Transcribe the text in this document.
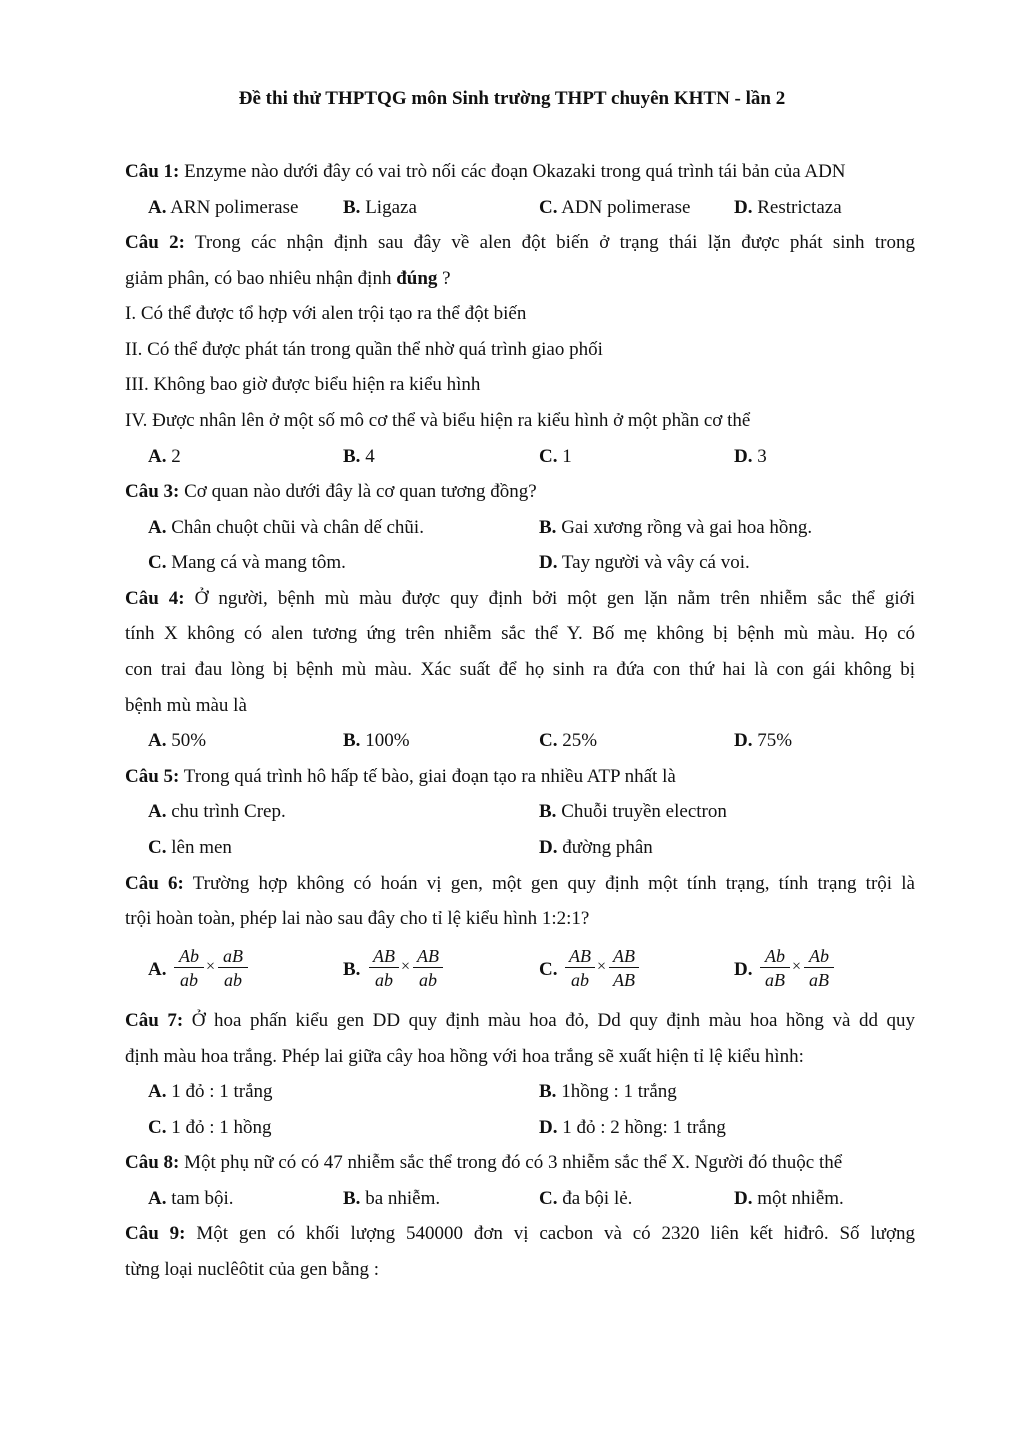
Đề thi thử THPTQG môn Sinh trường THPT chuyên KHTN - lần 2
Câu 1: Enzyme nào dưới đây có vai trò nối các đoạn Okazaki trong quá trình tái bản của ADN
A. ARN polimerase B. Ligaza	C. ADN polimerase D. Restrictaza
Câu 2: Trong các nhận định sau đây về alen đột biến ở trạng thái lặn được phát sinh trong
giảm phân, có bao nhiêu nhận định đúng ?
I. Có thể được tổ hợp với alen trội tạo ra thể đột biến
II. Có thể được phát tán trong quần thể nhờ quá trình giao phối
III. Không bao giờ được biểu hiện ra kiểu hình
IV. Được nhân lên ở một số mô cơ thể và biểu hiện ra kiểu hình ở một phần cơ thể
A. 2	B. 4	C. 1	D. 3
Câu 3: Cơ quan nào dưới đây là cơ quan tương đồng?
A. Chân chuột chũi và chân dế chũi.	B. Gai xương rồng và gai hoa hồng.
C. Mang cá và mang tôm.	D. Tay người và vây cá voi.
Câu 4: Ở người, bệnh mù màu được quy định bởi một gen lặn nằm trên nhiễm sắc thể giới
tính X không có alen tương ứng trên nhiễm sắc thể Y. Bố mẹ không bị bệnh mù màu. Họ có
con trai đau lòng bị bệnh mù màu. Xác suất để họ sinh ra đứa con thứ hai là con gái không bị
bệnh mù màu là
A. 50%	B. 100%	C. 25%	D. 75%
Câu 5: Trong quá trình hô hấp tế bào, giai đoạn tạo ra nhiều ATP nhất là
A. chu trình Crep.	B. Chuỗi truyền electron
C. lên men	D. đường phân
Câu 6: Trường hợp không có hoán vị gen, một gen quy định một tính trạng, tính trạng trội là
trội hoàn toàn, phép lai nào sau đây cho tỉ lệ kiểu hình 1:2:1?
A. $\frac{Ab}{ab} \times \frac{aB}{ab}$	B. $\frac{AB}{ab} \times \frac{AB}{ab}$	C. $\frac{AB}{ab} \times \frac{AB}{AB}$	D. $\frac{Ab}{aB} \times \frac{Ab}{aB}$
Câu 7: Ở hoa phấn kiểu gen DD quy định màu hoa đỏ, Dd quy định màu hoa hồng và dd quy
định màu hoa trắng. Phép lai giữa cây hoa hồng với hoa trắng sẽ xuất hiện tỉ lệ kiểu hình:
A. 1 đỏ : 1 trắng	B. 1hồng : 1 trắng
C. 1 đỏ : 1 hồng	D. 1 đỏ : 2 hồng: 1 trắng
Câu 8: Một phụ nữ có có 47 nhiễm sắc thể trong đó có 3 nhiễm sắc thể X. Người đó thuộc thể
A. tam bội.	B. ba nhiễm.	C. đa bội lẻ.	D. một nhiễm.
Câu 9: Một gen có khối lượng 540000 đơn vị cacbon và có 2320 liên kết hiđrô. Số lượng
từng loại nuclêôtit của gen bằng :
